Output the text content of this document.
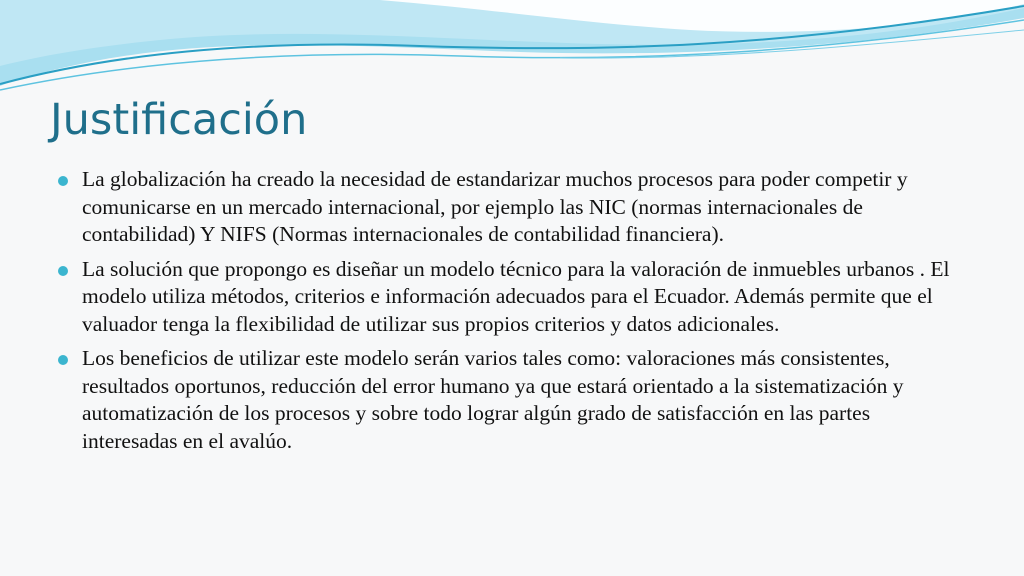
Justificación
La globalización ha creado la necesidad de estandarizar muchos procesos para poder competir y comunicarse en un mercado internacional, por ejemplo las NIC (normas internacionales de contabilidad) Y NIFS (Normas internacionales de contabilidad financiera).
La solución que propongo es diseñar un modelo técnico para la valoración de inmuebles urbanos . El modelo utiliza métodos, criterios e información adecuados para el Ecuador. Además permite que el valuador tenga la flexibilidad de utilizar sus propios criterios y datos adicionales.
Los beneficios de utilizar este modelo serán varios tales como: valoraciones más consistentes, resultados oportunos, reducción del error humano ya que estará orientado a la sistematización y automatización de los procesos y sobre todo lograr algún grado de satisfacción en las partes interesadas en el avalúo.
